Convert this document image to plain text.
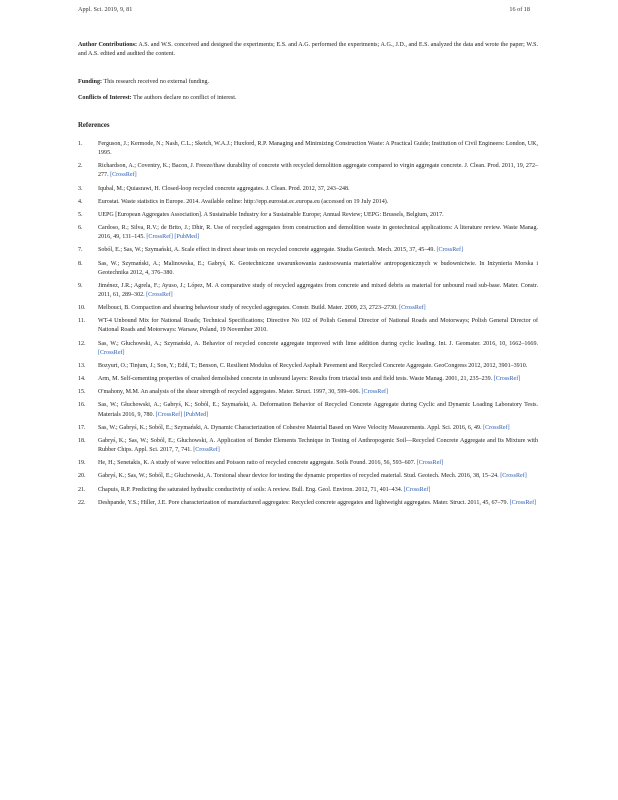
Appl. Sci. 2019, 9, 81	16 of 18
Author Contributions: A.S. and W.S. conceived and designed the experiments; E.S. and A.G. performed the experiments; A.G., J.D., and E.S. analyzed the data and wrote the paper; W.S. and A.S. edited and audited the content.
Funding: This research received no external funding.
Conflicts of Interest: The authors declare no conflict of interest.
References
1.	Ferguson, J.; Kermode, N.; Nash, C.L.; Sketch, W.A.J.; Huxford, R.P. Managing and Minimizing Construction Waste: A Practical Guide; Institution of Civil Engineers: London, UK, 1995.
2.	Richardson, A.; Coventry, K.; Bacon, J. Freeze/thaw durability of concrete with recycled demolition aggregate compared to virgin aggregate concrete. J. Clean. Prod. 2011, 19, 272–277. [CrossRef]
3.	Iqubal, M.; Quiasrawi, H. Closed-loop recycled concrete aggregates. J. Clean. Prod. 2012, 37, 243–248.
4.	Eurostat. Waste statistics in Europe. 2014. Available online: http://epp.eurostat.ec.europa.eu (accessed on 19 July 2014).
5.	UEPG [European Aggregates Association]. A Sustainable Industry for a Sustainable Europe; Annual Review; UEPG: Brussels, Belgium, 2017.
6.	Cardoso, R.; Silva, R.V.; de Brito, J.; Dhir, R. Use of recycled aggregates from construction and demolition waste in geotechnical applications: A literature review. Waste Manag. 2016, 49, 131–145. [CrossRef] [PubMed]
7.	Soból, E.; Sas, W.; Szymański, A. Scale effect in direct shear tests on recycled concrete aggregate. Studia Geotech. Mech. 2015, 37, 45–49. [CrossRef]
8.	Sas, W.; Szymański, A.; Malinowska, E.; Gabryś, K. Geotechniczne uwarunkowania zastosowania materiałów antropogenicznych w budownictwie. In Inżynieria Morska i Geotechnika 2012, 4, 376–380.
9.	Jiménez, J.R.; Agrela, F.; Ayuso, J.; López, M. A comparative study of recycled aggregates from concrete and mixed debris as material for unbound road sub-base. Mater. Constr. 2011, 61, 289–302. [CrossRef]
10. Melbouci, B. Compaction and shearing behaviour study of recycled aggregates. Constr. Build. Mater. 2009, 23, 2723–2730. [CrossRef]
11. WT-4 Unbound Mix for National Roads; Technical Specifications; Directive No 102 of Polish General Director of National Roads and Motorways; Polish General Director of National Roads and Motorways: Warsaw, Poland, 19 November 2010.
12. Sas, W.; Głuchowski, A.; Szymański, A. Behavior of recycled concrete aggregate improved with lime addition during cyclic loading. Int. J. Geomater. 2016, 10, 1662–1669. [CrossRef]
13. Bozyurt, O.; Tinjum, J.; Son, Y.; Edil, T.; Benson, C. Resilient Modulus of Recycled Asphalt Pavement and Recycled Concrete Aggregate. GeoCongress 2012, 2012, 3901–3910.
14. Arm, M. Self-cementing properties of crushed demolished concrete in unbound layers: Results from triaxial tests and field tests. Waste Manag. 2001, 21, 235–239. [CrossRef]
15. O'mahony, M.M. An analysis of the shear strength of recycled aggregates. Mater. Struct. 1997, 30, 599–606. [CrossRef]
16. Sas, W.; Głuchowski, A.; Gabryś, K.; Soból, E.; Szymański, A. Deformation Behavior of Recycled Concrete Aggregate during Cyclic and Dynamic Loading Laboratory Tests. Materials 2016, 9, 780. [CrossRef] [PubMed]
17. Sas, W.; Gabryś, K.; Soból, E.; Szymański, A. Dynamic Characterization of Cohesive Material Based on Wave Velocity Measurements. Appl. Sci. 2016, 6, 49. [CrossRef]
18. Gabryś, K.; Sas, W.; Soból, E.; Głuchowski, A. Application of Bender Elements Technique in Testing of Anthropogenic Soil—Recycled Concrete Aggregate and Its Mixture with Rubber Chips. Appl. Sci. 2017, 7, 741. [CrossRef]
19. He, H.; Senetakis, K. A study of wave velocities and Poisson ratio of recycled concrete aggregate. Soils Found. 2016, 56, 593–607. [CrossRef]
20. Gabryś, K.; Sas, W.; Soból, E.; Głuchowski, A. Torsional shear device for testing the dynamic properties of recycled material. Stud. Geotech. Mech. 2016, 38, 15–24. [CrossRef]
21. Chapuis, R.P. Predicting the saturated hydraulic conductivity of soils: A review. Bull. Eng. Geol. Environ. 2012, 71, 401–434. [CrossRef]
22. Deshpande, Y.S.; Hiller, J.E. Pore characterization of manufactured aggregates: Recycled concrete aggregates and lightweight aggregates. Mater. Struct. 2011, 45, 67–79. [CrossRef]
